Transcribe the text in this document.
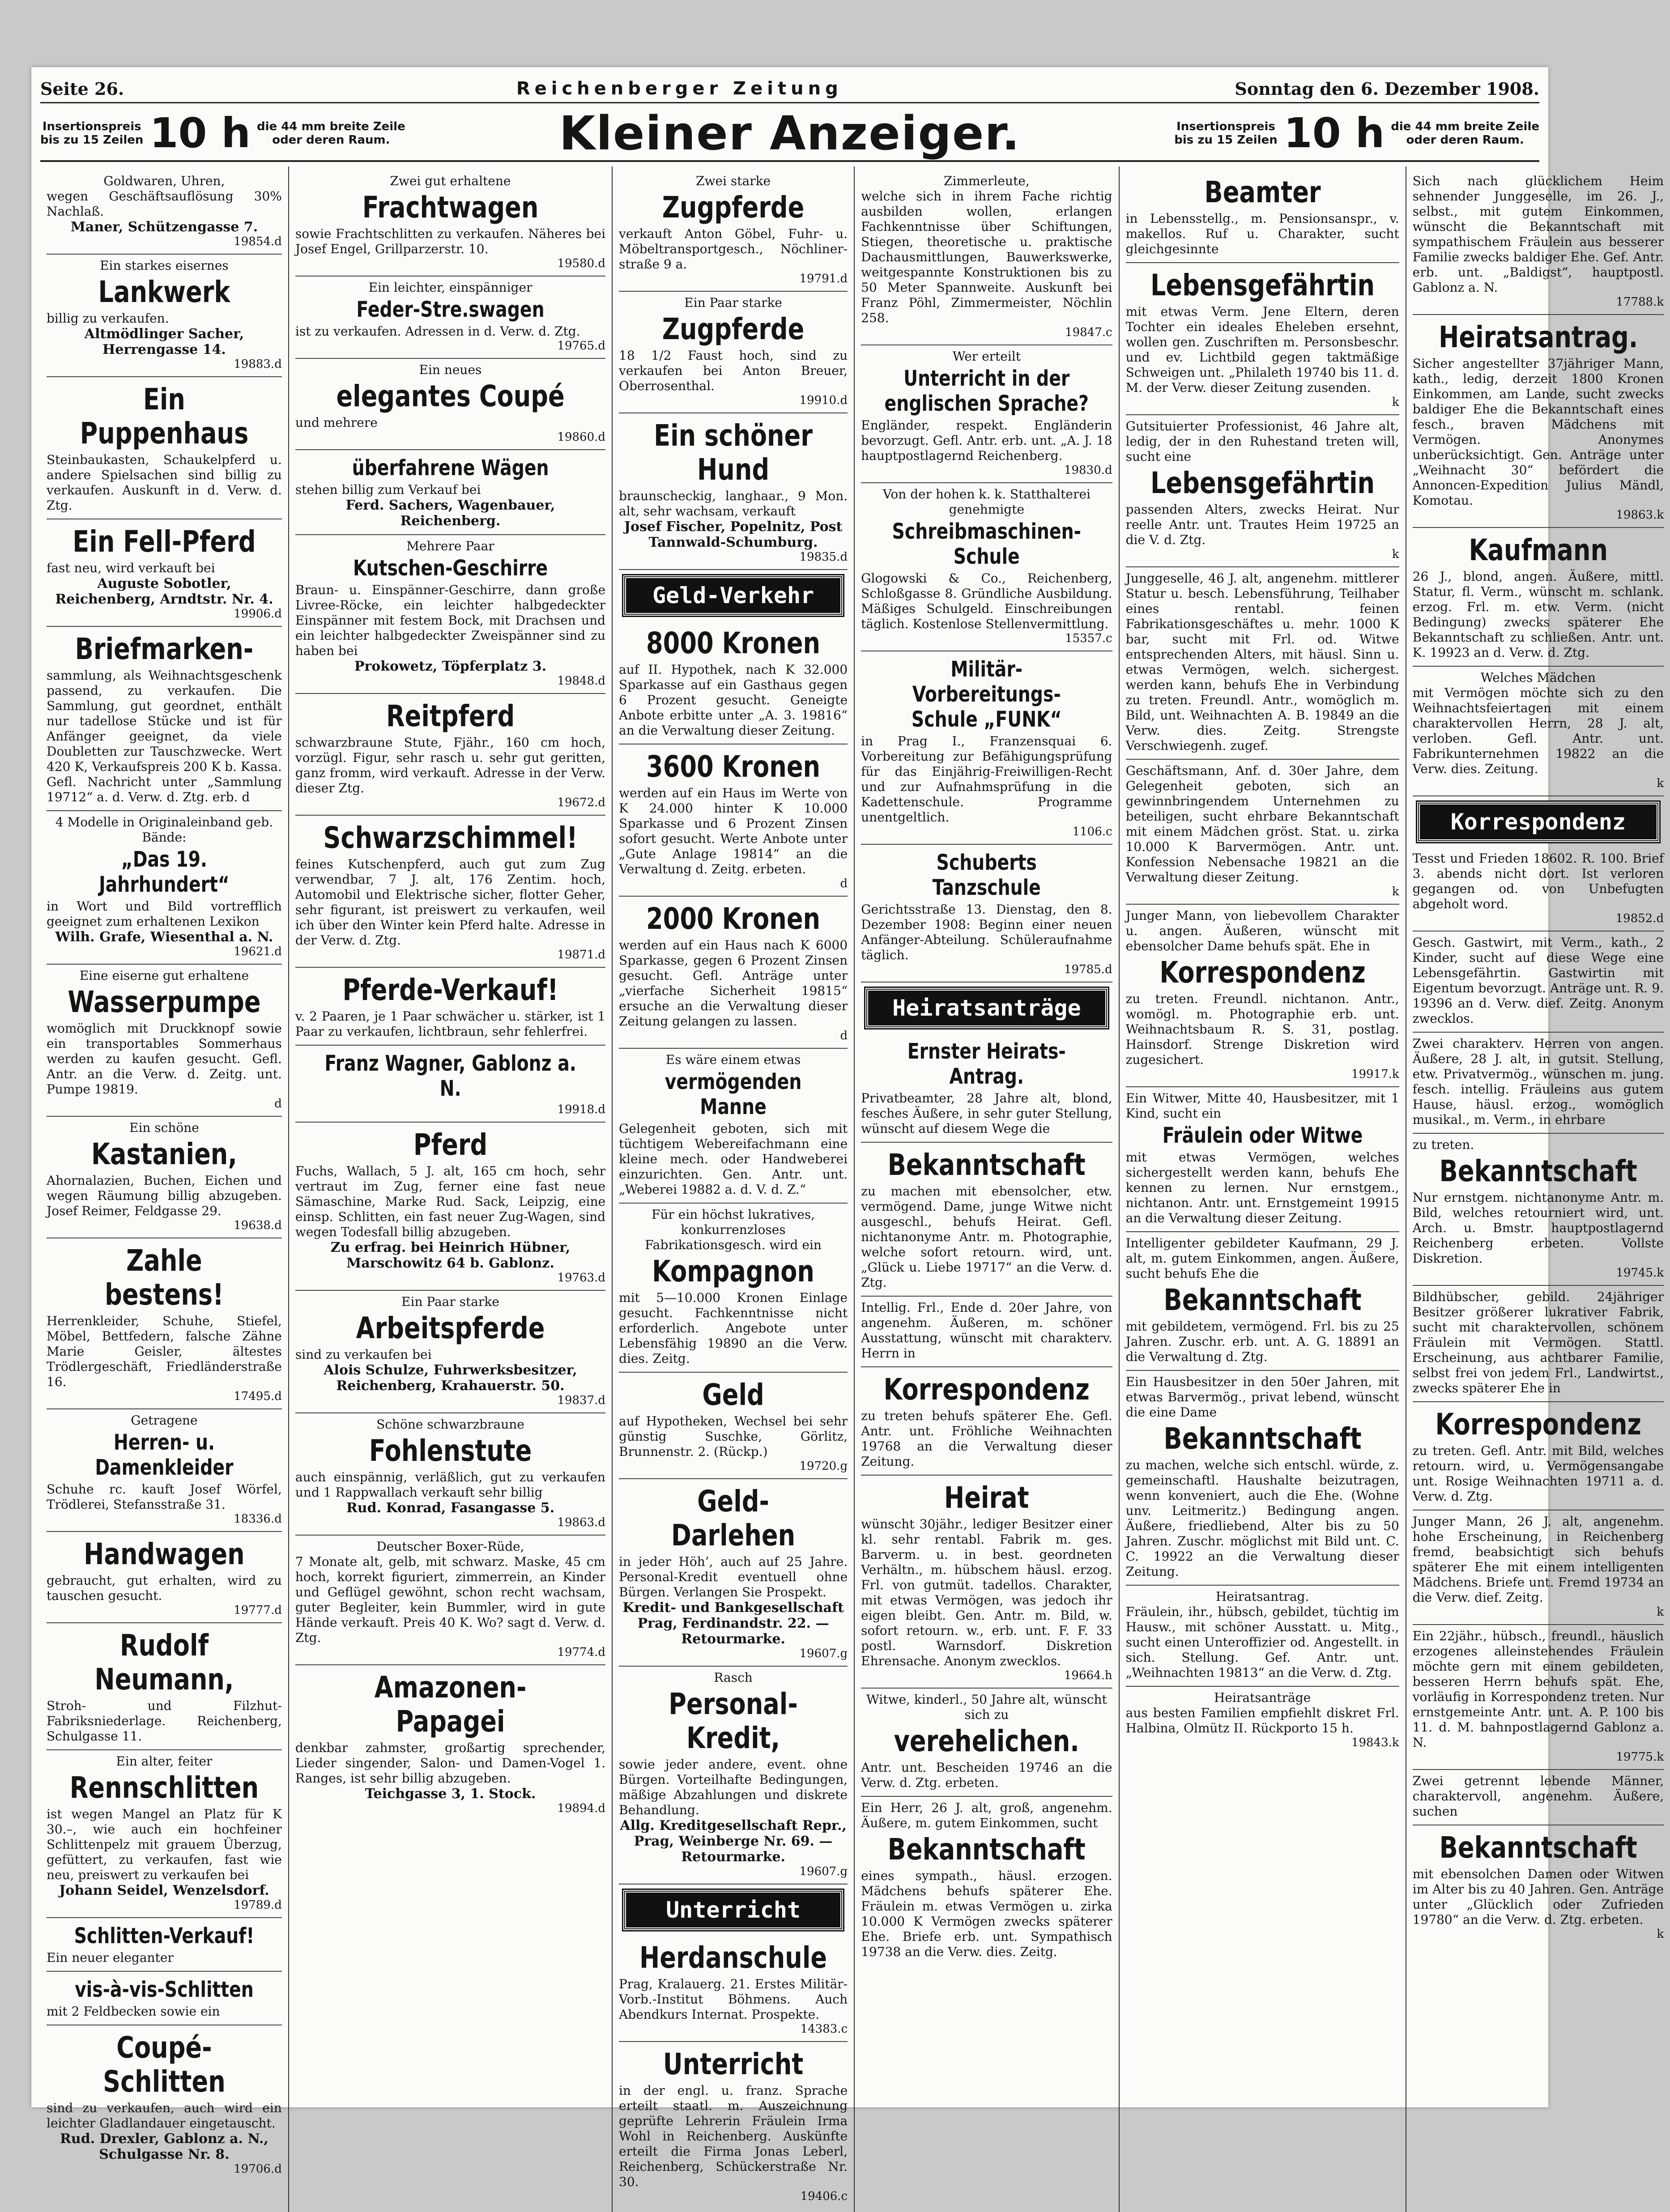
Seite 26.	Reichenberger Zeitung	Sonntag den 6. Dezember 1908.
Insertionspreis
bis zu 15 Zeilen 10 h die 44 mm breite Zeile
oder deren Raum.	Kleiner Anzeiger.	Insertionspreis
bis zu 15 Zeilen 10 h die 44 mm breite Zeile
oder deren Raum.
Goldwaren, Uhren,
wegen Geschäftsauflösung 30% Nachlaß.
Maner, Schützengasse 7.
19854.d
Ein starkes eisernes
Lankwerk
billig zu verkaufen.
Altmödlinger Sacher, Herrengasse 14.
19883.d
Ein Puppenhaus
Steinbaukasten, Schaukelpferd u. andere Spielsachen sind billig zu verkaufen. Auskunft in d. Verw. d. Ztg.
Ein Fell-Pferd
fast neu, wird verkauft bei
Auguste Sobotler, Reichenberg, Arndtstr. Nr. 4.
19906.d
Briefmarken-
sammlung, als Weihnachtsgeschenk passend, zu verkaufen. Die Sammlung, gut geordnet, enthält nur tadellose Stücke und ist für Anfänger geeignet, da viele Doubletten zur Tauschzwecke. Wert 420 K, Verkaufspreis 200 K b. Kassa. Gefl. Nachricht unter „Sammlung 19712“ a. d. Verw. d. Ztg. erb. d
4 Modelle in Originaleinband geb. Bände:
„Das 19. Jahrhundert“
in Wort und Bild vortrefflich geeignet zum erhaltenen Lexikon
Wilh. Grafe, Wiesenthal a. N.
19621.d
Eine eiserne gut erhaltene
Wasserpumpe
womöglich mit Druckknopf sowie ein transportables Sommerhaus werden zu kaufen gesucht. Gefl. Antr. an die Verw. d. Zeitg. unt. Pumpe 19819.
d
Ein schöne
Kastanien,
Ahornalazien, Buchen, Eichen und wegen Räumung billig abzugeben. Josef Reimer, Feldgasse 29.
19638.d
Zahle bestens!
Herrenkleider, Schuhe, Stiefel, Möbel, Bettfedern, falsche Zähne Marie Geisler, ältestes Trödlergeschäft, Friedländerstraße 16.
17495.d
Getragene
Herren- u. Damenkleider
Schuhe rc. kauft Josef Wörfel, Trödlerei, Stefansstraße 31.
18336.d
Handwagen
gebraucht, gut erhalten, wird zu tauschen gesucht.
19777.d
Rudolf Neumann,
Stroh- und Filzhut-Fabriksniederlage. Reichenberg, Schulgasse 11.
Ein alter, feiter
Rennschlitten
ist wegen Mangel an Platz für K 30.–, wie auch ein hochfeiner Schlittenpelz mit grauem Überzug, gefüttert, zu verkaufen, fast wie neu, preiswert zu verkaufen bei
Johann Seidel, Wenzelsdorf.
19789.d
Schlitten-Verkauf!
Ein neuer eleganter
vis-à-vis-Schlitten
mit 2 Feldbecken sowie ein
Coupé-Schlitten
sind zu verkaufen, auch wird ein leichter Gladlandauer eingetauscht.
Rud. Drexler, Gablonz a. N., Schulgasse Nr. 8.
19706.d
Zwei gut erhaltene
Frachtwagen
sowie Frachtschlitten zu verkaufen. Näheres bei Josef Engel, Grillparzerstr. 10.
19580.d
Ein leichter, einspänniger
Feder-Stre.swagen
ist zu verkaufen. Adressen in d. Verw. d. Ztg.
19765.d
Ein neues
elegantes Coupé
und mehrere
19860.d
überfahrene Wägen
stehen billig zum Verkauf bei
Ferd. Sachers, Wagenbauer, Reichenberg.
Mehrere Paar
Kutschen-Geschirre
Braun- u. Einspänner-Geschirre, dann große Livree-Röcke, ein leichter halbgedeckter Einspänner mit festem Bock, mit Drachsen und ein leichter halbgedeckter Zweispänner sind zu haben bei
Prokowetz, Töpferplatz 3.
19848.d
Reitpferd
schwarzbraune Stute, Fjähr., 160 cm hoch, vorzügl. Figur, sehr rasch u. sehr gut geritten, ganz fromm, wird verkauft. Adresse in der Verw. dieser Ztg.
19672.d
Schwarzschimmel!
feines Kutschenpferd, auch gut zum Zug verwendbar, 7 J. alt, 176 Zentim. hoch, Automobil und Elektrische sicher, flotter Geher, sehr figurant, ist preiswert zu verkaufen, weil ich über den Winter kein Pferd halte. Adresse in der Verw. d. Ztg.
19871.d
Pferde-Verkauf!
v. 2 Paaren, je 1 Paar schwächer u. stärker, ist 1 Paar zu verkaufen, lichtbraun, sehr fehlerfrei.
Franz Wagner, Gablonz a. N.
19918.d
Pferd
Fuchs, Wallach, 5 J. alt, 165 cm hoch, sehr vertraut im Zug, ferner eine fast neue Sämaschine, Marke Rud. Sack, Leipzig, eine einsp. Schlitten, ein fast neuer Zug-Wagen, sind wegen Todesfall billig abzugeben.
Zu erfrag. bei Heinrich Hübner, Marschowitz 64 b. Gablonz.
19763.d
Ein Paar starke
Arbeitspferde
sind zu verkaufen bei
Alois Schulze, Fuhrwerksbesitzer, Reichenberg, Krahauerstr. 50.
19837.d
Schöne schwarzbraune
Fohlenstute
auch einspännig, verläßlich, gut zu verkaufen und 1 Rappwallach verkauft sehr billig
Rud. Konrad, Fasangasse 5.
19863.d
Deutscher Boxer-Rüde,
7 Monate alt, gelb, mit schwarz. Maske, 45 cm hoch, korrekt figuriert, zimmerrein, an Kinder und Geflügel gewöhnt, schon recht wachsam, guter Begleiter, kein Bummler, wird in gute Hände verkauft. Preis 40 K. Wo? sagt d. Verw. d. Ztg.
19774.d
Amazonen-Papagei
denkbar zahmster, großartig sprechender, Lieder singender, Salon- und Damen-Vogel 1. Ranges, ist sehr billig abzugeben.
Teichgasse 3, 1. Stock.
19894.d
Zwei starke
Zugpferde
verkauft Anton Göbel, Fuhr- u. Möbeltransportgesch., Nöchliner-straße 9 a.
19791.d
Ein Paar starke
Zugpferde
18 1/2 Faust hoch, sind zu verkaufen bei Anton Breuer, Oberrosenthal.
19910.d
Ein schöner Hund
braunscheckig, langhaar., 9 Mon. alt, sehr wachsam, verkauft
Josef Fischer, Popelnitz, Post Tannwald-Schumburg.
19835.d
Geld-Verkehr
8000 Kronen
auf II. Hypothek, nach K 32.000 Sparkasse auf ein Gasthaus gegen 6 Prozent gesucht. Geneigte Anbote erbitte unter „A. 3. 19816“ an die Verwaltung dieser Zeitung.
3600 Kronen
werden auf ein Haus im Werte von K 24.000 hinter K 10.000 Sparkasse und 6 Prozent Zinsen sofort gesucht. Werte Anbote unter „Gute Anlage 19814“ an die Verwaltung d. Zeitg. erbeten.
d
2000 Kronen
werden auf ein Haus nach K 6000 Sparkasse, gegen 6 Prozent Zinsen gesucht. Gefl. Anträge unter „vierfache Sicherheit 19815“ ersuche an die Verwaltung dieser Zeitung gelangen zu lassen.
d
Es wäre einem etwas
vermögenden Manne
Gelegenheit geboten, sich mit tüchtigem Webereifachmann eine kleine mech. oder Handweberei einzurichten. Gen. Antr. unt. „Weberei 19882 a. d. V. d. Z.“
Für ein höchst lukratives, konkurrenzloses Fabrikationsgesch. wird ein
Kompagnon
mit 5—10.000 Kronen Einlage gesucht. Fachkenntnisse nicht erforderlich. Angebote unter Lebensfähig 19890 an die Verw. dies. Zeitg.
Geld
auf Hypotheken, Wechsel bei sehr günstig Suschke, Görlitz, Brunnenstr. 2. (Rückp.)
19720.g
Geld-Darlehen
in jeder Höh’, auch auf 25 Jahre. Personal-Kredit eventuell ohne Bürgen. Verlangen Sie Prospekt.
Kredit- und Bankgesellschaft Prag, Ferdinandstr. 22. — Retourmarke.
19607.g
Rasch
Personal-Kredit,
sowie jeder andere, event. ohne Bürgen. Vorteilhafte Bedingungen, mäßige Abzahlungen und diskrete Behandlung.
Allg. Kreditgesellschaft Repr., Prag, Weinberge Nr. 69. — Retourmarke.
19607.g
Unterricht
Herdanschule
Prag, Kralauerg. 21. Erstes Militär-Vorb.-Institut Böhmens. Auch Abendkurs Internat. Prospekte.
14383.c
Unterricht
in der engl. u. franz. Sprache erteilt staatl. m. Auszeichnung geprüfte Lehrerin Fräulein Irma Wohl in Reichenberg. Auskünfte erteilt die Firma Jonas Leberl, Reichenberg, Schückerstraße Nr. 30.
19406.c
Zimmerleute,
welche sich in ihrem Fache richtig ausbilden wollen, erlangen Fachkenntnisse über Schiftungen, Stiegen, theoretische u. praktische Dachausmittlungen, Bauwerkswerke, weitgespannte Konstruktionen bis zu 50 Meter Spannweite. Auskunft bei Franz Pöhl, Zimmermeister, Nöchlin 258.
19847.c
Wer erteilt
Unterricht in der englischen Sprache?
Engländer, respekt. Engländerin bevorzugt. Gefl. Antr. erb. unt. „A. J. 18 hauptpostlagernd Reichenberg.
19830.d
Von der hohen k. k. Statthalterei genehmigte
Schreibmaschinen-Schule
Glogowski & Co., Reichenberg, Schloßgasse 8. Gründliche Ausbildung. Mäßiges Schulgeld. Einschreibungen täglich. Kostenlose Stellenvermittlung.
15357.c
Militär-Vorbereitungs-Schule „FUNK“
in Prag I., Franzensquai 6. Vorbereitung zur Befähigungsprüfung für das Einjährig-Freiwilligen-Recht und zur Aufnahmsprüfung in die Kadettenschule. Programme unentgeltlich.
1106.c
Schuberts Tanzschule
Gerichtsstraße 13. Dienstag, den 8. Dezember 1908: Beginn einer neuen Anfänger-Abteilung. Schüleraufnahme täglich.
19785.d
Heiratsanträge
Ernster Heirats-Antrag.
Privatbeamter, 28 Jahre alt, blond, fesches Äußere, in sehr guter Stellung, wünscht auf diesem Wege die
Bekanntschaft
zu machen mit ebensolcher, etw. vermögend. Dame, junge Witwe nicht ausgeschl., behufs Heirat. Gefl. nichtanonyme Antr. m. Photographie, welche sofort retourn. wird, unt. „Glück u. Liebe 19717“ an die Verw. d. Ztg.
Intellig. Frl., Ende d. 20er Jahre, von angenehm. Äußeren, m. schöner Ausstattung, wünscht mit charakterv. Herrn in
Korrespondenz
zu treten behufs späterer Ehe. Gefl. Antr. unt. Fröhliche Weihnachten 19768 an die Verwaltung dieser Zeitung.
Heirat
wünscht 30jähr., lediger Besitzer einer kl. sehr rentabl. Fabrik m. ges. Barverm. u. in best. geordneten Verhältn., m. hübschem häusl. erzog. Frl. von gutmüt. tadellos. Charakter, mit etwas Vermögen, was jedoch ihr eigen bleibt. Gen. Antr. m. Bild, w. sofort retourn. w., erb. unt. F. F. 33 postl. Warnsdorf. Diskretion Ehrensache. Anonym zwecklos.
19664.h
Witwe, kinderl., 50 Jahre alt, wünscht sich zu
verehelichen.
Antr. unt. Bescheiden 19746 an die Verw. d. Ztg. erbeten.
Ein Herr, 26 J. alt, groß, angenehm. Äußere, m. gutem Einkommen, sucht
Bekanntschaft
eines sympath., häusl. erzogen. Mädchens behufs späterer Ehe. Fräulein m. etwas Vermögen u. zirka 10.000 K Vermögen zwecks späterer Ehe. Briefe erb. unt. Sympathisch 19738 an die Verw. dies. Zeitg.
Beamter
in Lebensstellg., m. Pensionsanspr., v. makellos. Ruf u. Charakter, sucht gleichgesinnte
Lebensgefährtin
mit etwas Verm. Jene Eltern, deren Tochter ein ideales Eheleben ersehnt, wollen gen. Zuschriften m. Personsbeschr. und ev. Lichtbild gegen taktmäßige Schweigen unt. „Philaleth 19740 bis 11. d. M. der Verw. dieser Zeitung zusenden.
k
Gutsituierter Professionist, 46 Jahre alt, ledig, der in den Ruhestand treten will, sucht eine
Lebensgefährtin
passenden Alters, zwecks Heirat. Nur reelle Antr. unt. Trautes Heim 19725 an die V. d. Ztg.
k
Junggeselle, 46 J. alt, angenehm. mittlerer Statur u. besch. Lebensführung, Teilhaber eines rentabl. feinen Fabrikationsgeschäftes u. mehr. 1000 K bar, sucht mit Frl. od. Witwe entsprechenden Alters, mit häusl. Sinn u. etwas Vermögen, welch. sichergest. werden kann, behufs Ehe in Verbindung zu treten. Freundl. Antr., womöglich m. Bild, unt. Weihnachten A. B. 19849 an die Verw. dies. Zeitg. Strengste Verschwiegenh. zugef.
Geschäftsmann, Anf. d. 30er Jahre, dem Gelegenheit geboten, sich an gewinnbringendem Unternehmen zu beteiligen, sucht ehrbare Bekanntschaft mit einem Mädchen gröst. Stat. u. zirka 10.000 K Barvermögen. Antr. unt. Konfession Nebensache 19821 an die Verwaltung dieser Zeitung.
k
Junger Mann, von liebevollem Charakter u. angen. Äußeren, wünscht mit ebensolcher Dame behufs spät. Ehe in
Korrespondenz
zu treten. Freundl. nichtanon. Antr., womögl. m. Photographie erb. unt. Weihnachtsbaum R. S. 31, postlag. Hainsdorf. Strenge Diskretion wird zugesichert.
19917.k
Ein Witwer, Mitte 40, Hausbesitzer, mit 1 Kind, sucht ein
Fräulein oder Witwe
mit etwas Vermögen, welches sichergestellt werden kann, behufs Ehe kennen zu lernen. Nur ernstgem., nichtanon. Antr. unt. Ernstgemeint 19915 an die Verwaltung dieser Zeitung.
Intelligenter gebildeter Kaufmann, 29 J. alt, m. gutem Einkommen, angen. Äußere, sucht behufs Ehe die
Bekanntschaft
mit gebildetem, vermögend. Frl. bis zu 25 Jahren. Zuschr. erb. unt. A. G. 18891 an die Verwaltung d. Ztg.
Ein Hausbesitzer in den 50er Jahren, mit etwas Barvermög., privat lebend, wünscht die eine Dame
Bekanntschaft
zu machen, welche sich entschl. würde, z. gemeinschaftl. Haushalte beizutragen, wenn konveniert, auch die Ehe. (Wohne unv. Leitmeritz.) Bedingung angen. Äußere, friedliebend, Alter bis zu 50 Jahren. Zuschr. möglichst mit Bild unt. C. C. 19922 an die Verwaltung dieser Zeitung.
Heiratsantrag.
Fräulein, ihr., hübsch, gebildet, tüchtig im Hausw., mit schöner Ausstatt. u. Mitg., sucht einen Unteroffizier od. Angestellt. in sich. Stellung. Gef. Antr. unt. „Weihnachten 19813“ an die Verw. d. Ztg.
Heiratsanträge
aus besten Familien empfiehlt diskret Frl. Halbina, Olmütz II. Rückporto 15 h.
19843.k
Sich nach glücklichem Heim sehnender Junggeselle, im 26. J., selbst., mit gutem Einkommen, wünscht die Bekanntschaft mit sympathischem Fräulein aus besserer Familie zwecks baldiger Ehe. Gef. Antr. erb. unt. „Baldigst“, hauptpostl. Gablonz a. N.
17788.k
Heiratsantrag.
Sicher angestellter 37jähriger Mann, kath., ledig, derzeit 1800 Kronen Einkommen, am Lande, sucht zwecks baldiger Ehe die Bekanntschaft eines fesch., braven Mädchens mit Vermögen. Anonymes unberücksichtigt. Gen. Anträge unter „Weihnacht 30“ befördert die Annoncen-Expedition Julius Mändl, Komotau.
19863.k
Kaufmann
26 J., blond, angen. Äußere, mittl. Statur, fl. Verm., wünscht m. schlank. erzog. Frl. m. etw. Verm. (nicht Bedingung) zwecks späterer Ehe Bekanntschaft zu schließen. Antr. unt. K. 19923 an d. Verw. d. Ztg.
Welches Mädchen
mit Vermögen möchte sich zu den Weihnachtsfeiertagen mit einem charaktervollen Herrn, 28 J. alt, verloben. Gefl. Antr. unt. Fabrikunternehmen 19822 an die Verw. dies. Zeitung.
k
Korrespondenz
Tesst und Frieden 18602. R. 100. Brief 3. abends nicht dort. Ist verloren gegangen od. von Unbefugten abgeholt word.
19852.d
Gesch. Gastwirt, mit Verm., kath., 2 Kinder, sucht auf diese Wege eine Lebensgefährtin. Gastwirtin mit Eigentum bevorzugt. Anträge unt. R. 9. 19396 an d. Verw. dief. Zeitg. Anonym zwecklos.
Zwei charakterv. Herren von angen. Äußere, 28 J. alt, in gutsit. Stellung, etw. Privatvermög., wünschen m. jung. fesch. intellig. Fräuleins aus gutem Hause, häusl. erzog., womöglich musikal., m. Verm., in ehrbare
zu treten.
Bekanntschaft
Nur ernstgem. nichtanonyme Antr. m. Bild, welches retourniert wird, unt. Arch. u. Bmstr. hauptpostlagernd Reichenberg erbeten. Vollste Diskretion.
19745.k
Bildhübscher, gebild. 24jähriger Besitzer größerer lukrativer Fabrik, sucht mit charaktervollen, schönem Fräulein mit Vermögen. Stattl. Erscheinung, aus achtbarer Familie, selbst frei von jedem Frl., Landwirtst., zwecks späterer Ehe in
Korrespondenz
zu treten. Gefl. Antr. mit Bild, welches retourn. wird, u. Vermögensangabe unt. Rosige Weihnachten 19711 a. d. Verw. d. Ztg.
Junger Mann, 26 J. alt, angenehm. hohe Erscheinung, in Reichenberg fremd, beabsichtigt sich behufs späterer Ehe mit einem intelligenten Mädchens. Briefe unt. Fremd 19734 an die Verw. dief. Zeitg.
k
Ein 22jähr., hübsch., freundl., häuslich erzogenes alleinstehendes Fräulein möchte gern mit einem gebildeten, besseren Herrn behufs spät. Ehe, vorläufig in Korrespondenz treten. Nur ernstgemeinte Antr. unt. A. P. 100 bis 11. d. M. bahnpostlagernd Gablonz a. N.
19775.k
Zwei getrennt lebende Männer, charaktervoll, angenehm. Äußere, suchen
Bekanntschaft
mit ebensolchen Damen oder Witwen im Alter bis zu 40 Jahren. Gen. Anträge unter „Glücklich oder Zufrieden 19780“ an die Verw. d. Ztg. erbeten.
k
